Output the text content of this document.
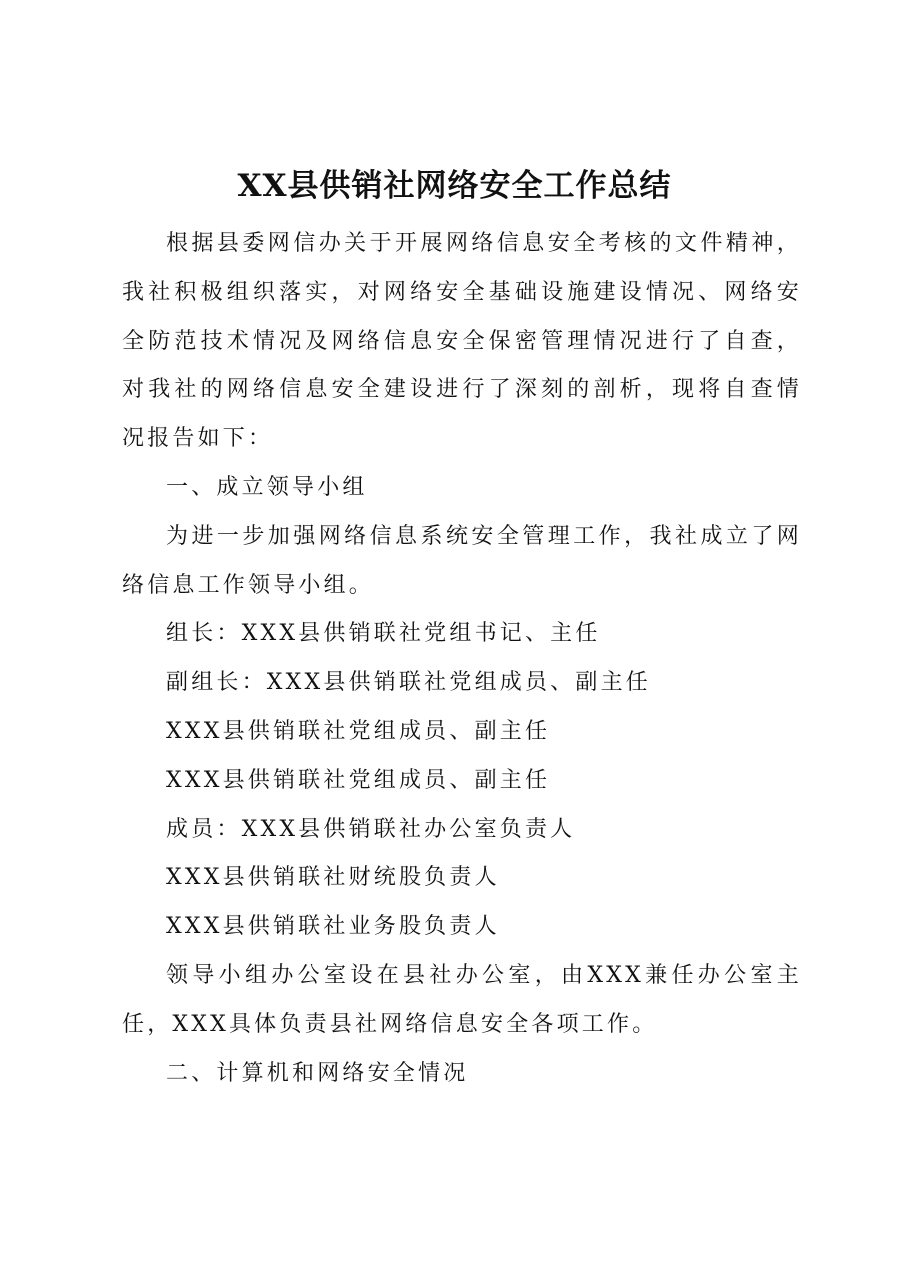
XX县供销社网络安全工作总结

根据县委网信办关于开展网络信息安全考核的文件精神，我社积极组织落实，对网络安全基础设施建设情况、网络安全防范技术情况及网络信息安全保密管理情况进行了自查，对我社的网络信息安全建设进行了深刻的剖析，现将自查情况报告如下：

一、成立领导小组

为进一步加强网络信息系统安全管理工作，我社成立了网络信息工作领导小组。

组长：XXX县供销联社党组书记、主任

副组长：XXX县供销联社党组成员、副主任

XXX县供销联社党组成员、副主任

XXX县供销联社党组成员、副主任

成员：XXX县供销联社办公室负责人

XXX县供销联社财统股负责人

XXX县供销联社业务股负责人

领导小组办公室设在县社办公室，由XXX兼任办公室主任，XXX具体负责县社网络信息安全各项工作。

二、计算机和网络安全情况
